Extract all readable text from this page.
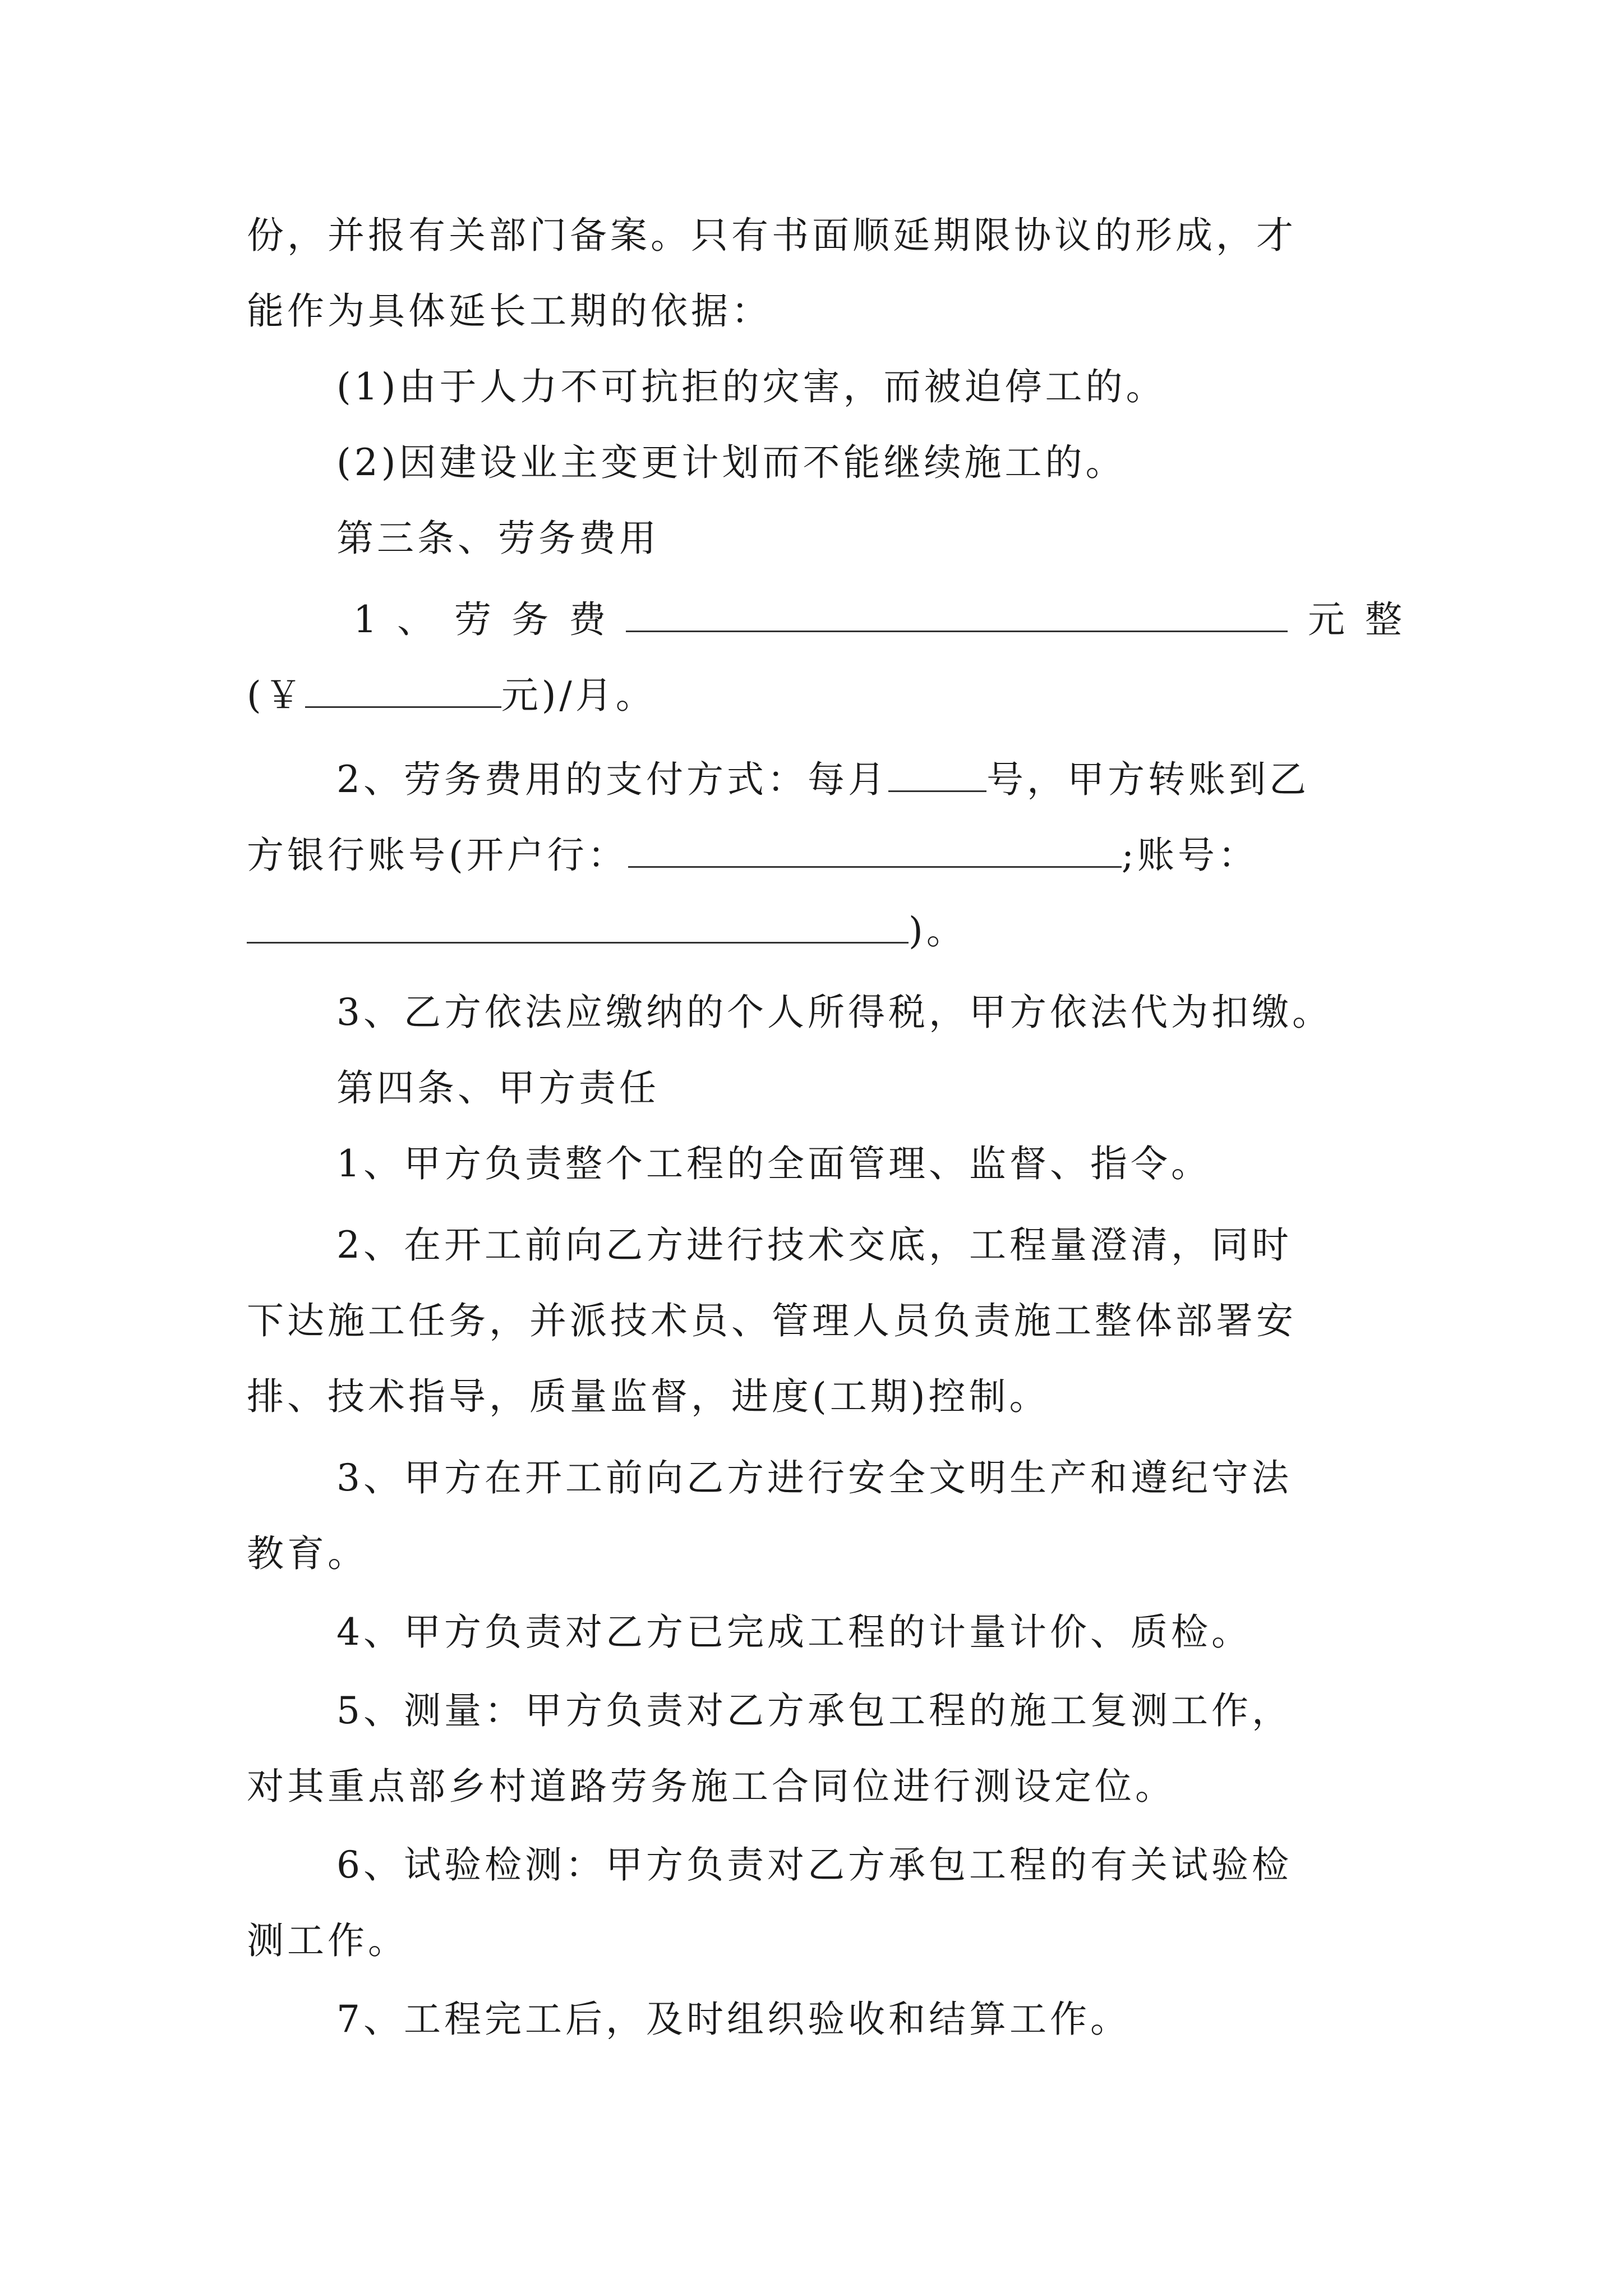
份，并报有关部门备案。只有书面顺延期限协议的形成，才
能作为具体延长工期的依据：
(1)由于人力不可抗拒的灾害，而被迫停工的。
(2)因建设业主变更计划而不能继续施工的。
第三条、劳务费用
1、劳务费	元整
(￥	元)/月。
2、劳务费用的支付方式：每月	号，甲方转账到乙
方银行账号(开户行：	;账号：
)。
3、乙方依法应缴纳的个人所得税，甲方依法代为扣缴。
第四条、甲方责任
1、甲方负责整个工程的全面管理、监督、指令。
2、在开工前向乙方进行技术交底，工程量澄清，同时
下达施工任务，并派技术员、管理人员负责施工整体部署安
排、技术指导，质量监督，进度(工期)控制。
3、甲方在开工前向乙方进行安全文明生产和遵纪守法
教育。
4、甲方负责对乙方已完成工程的计量计价、质检。
5、测量：甲方负责对乙方承包工程的施工复测工作，
对其重点部乡村道路劳务施工合同位进行测设定位。
6、试验检测：甲方负责对乙方承包工程的有关试验检
测工作。
7、工程完工后，及时组织验收和结算工作。
